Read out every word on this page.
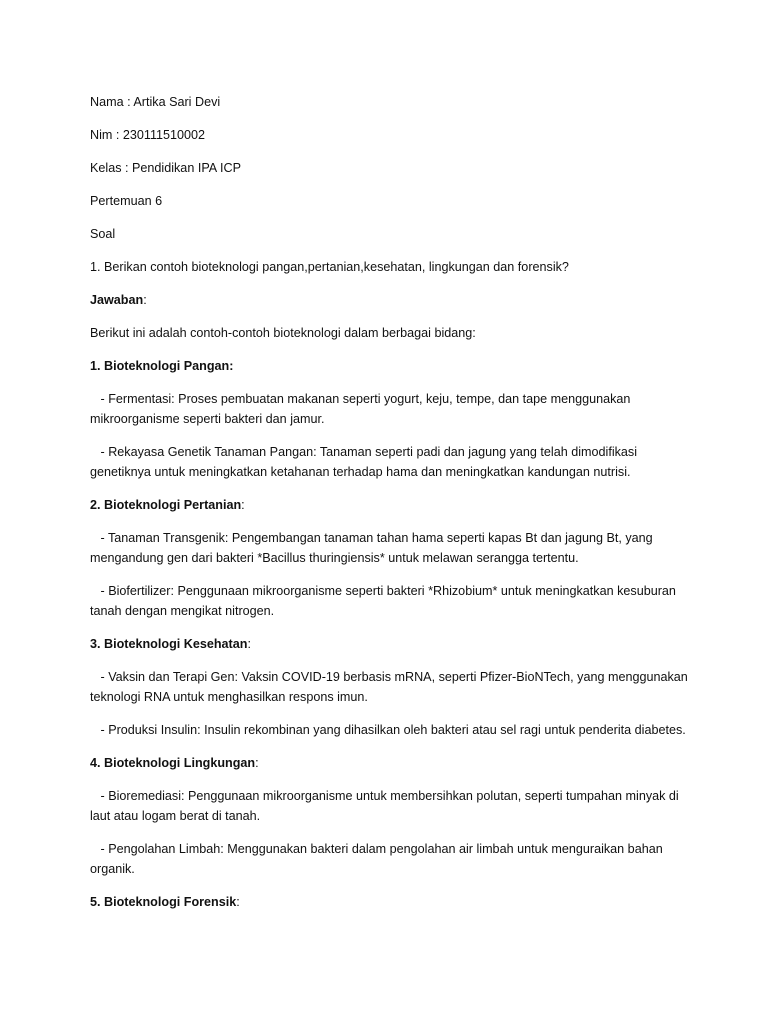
Nama : Artika Sari Devi

Nim : 230111510002

Kelas : Pendidikan IPA ICP

Pertemuan 6

Soal

1. Berikan contoh bioteknologi pangan,pertanian,kesehatan, lingkungan dan forensik?

Jawaban:

Berikut ini adalah contoh-contoh bioteknologi dalam berbagai bidang:

1. Bioteknologi Pangan:

- Fermentasi: Proses pembuatan makanan seperti yogurt, keju, tempe, dan tape menggunakan mikroorganisme seperti bakteri dan jamur.

- Rekayasa Genetik Tanaman Pangan: Tanaman seperti padi dan jagung yang telah dimodifikasi genetiknya untuk meningkatkan ketahanan terhadap hama dan meningkatkan kandungan nutrisi.

2. Bioteknologi Pertanian:

- Tanaman Transgenik: Pengembangan tanaman tahan hama seperti kapas Bt dan jagung Bt, yang mengandung gen dari bakteri *Bacillus thuringiensis* untuk melawan serangga tertentu.

- Biofertilizer: Penggunaan mikroorganisme seperti bakteri *Rhizobium* untuk meningkatkan kesuburan tanah dengan mengikat nitrogen.

3. Bioteknologi Kesehatan:

- Vaksin dan Terapi Gen: Vaksin COVID-19 berbasis mRNA, seperti Pfizer-BioNTech, yang menggunakan teknologi RNA untuk menghasilkan respons imun.

- Produksi Insulin: Insulin rekombinan yang dihasilkan oleh bakteri atau sel ragi untuk penderita diabetes.

4. Bioteknologi Lingkungan:

- Bioremediasi: Penggunaan mikroorganisme untuk membersihkan polutan, seperti tumpahan minyak di laut atau logam berat di tanah.

- Pengolahan Limbah: Menggunakan bakteri dalam pengolahan air limbah untuk menguraikan bahan organik.

5. Bioteknologi Forensik:
